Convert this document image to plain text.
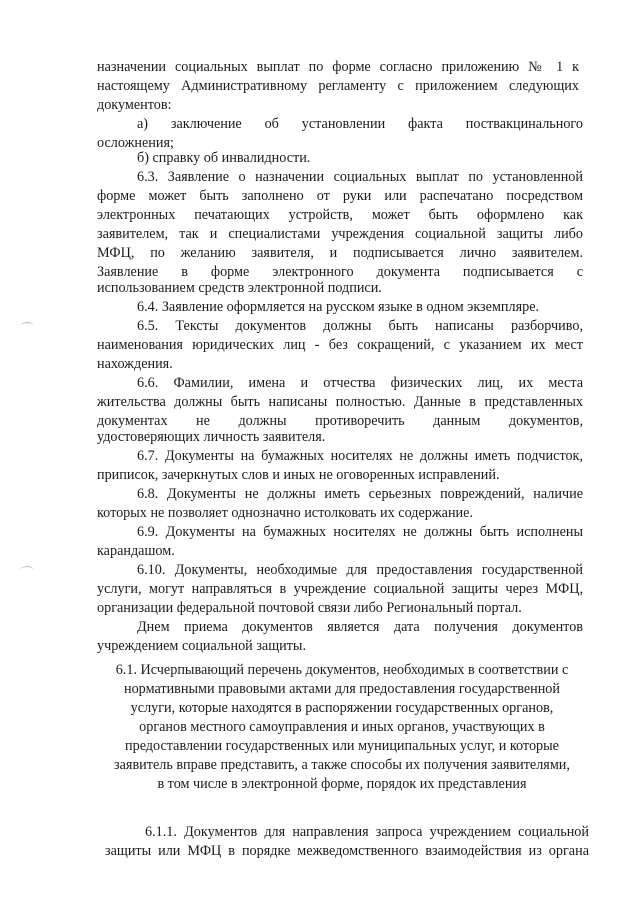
назначении социальных выплат по форме согласно приложению № 1 к
настоящему Административному регламенту с приложением следующих
документов:
а) заключение об установлении факта поствакцинального
осложнения;
б) справку об инвалидности.
6.3. Заявление о назначении социальных выплат по установленной
форме может быть заполнено от руки или распечатано посредством
электронных печатающих устройств, может быть оформлено как
заявителем, так и специалистами учреждения социальной защиты либо
МФЦ, по желанию заявителя, и подписывается лично заявителем.
Заявление в форме электронного документа подписывается с
использованием средств электронной подписи.
6.4. Заявление оформляется на русском языке в одном экземпляре.
6.5. Тексты документов должны быть написаны разборчиво,
наименования юридических лиц - без сокращений, с указанием их мест
нахождения.
6.6. Фамилии, имена и отчества физических лиц, их места
жительства должны быть написаны полностью. Данные в представленных
документах не должны противоречить данным документов,
удостоверяющих личность заявителя.
6.7. Документы на бумажных носителях не должны иметь подчисток,
приписок, зачеркнутых слов и иных не оговоренных исправлений.
6.8. Документы не должны иметь серьезных повреждений, наличие
которых не позволяет однозначно истолковать их содержание.
6.9. Документы на бумажных носителях не должны быть исполнены
карандашом.
6.10. Документы, необходимые для предоставления государственной
услуги, могут направляться в учреждение социальной защиты через МФЦ,
организации федеральной почтовой связи либо Региональный портал.
Днем приема документов является дата получения документов
учреждением социальной защиты.
6.1. Исчерпывающий перечень документов, необходимых в соответствии с
нормативными правовыми актами для предоставления государственной
услуги, которые находятся в распоряжении государственных органов,
органов местного самоуправления и иных органов, участвующих в
предоставлении государственных или муниципальных услуг, и которые
заявитель вправе представить, а также способы их получения заявителями,
в том числе в электронной форме, порядок их представления
6.1.1. Документов для направления запроса учреждением социальной
защиты или МФЦ в порядке межведомственного взаимодействия из органа
